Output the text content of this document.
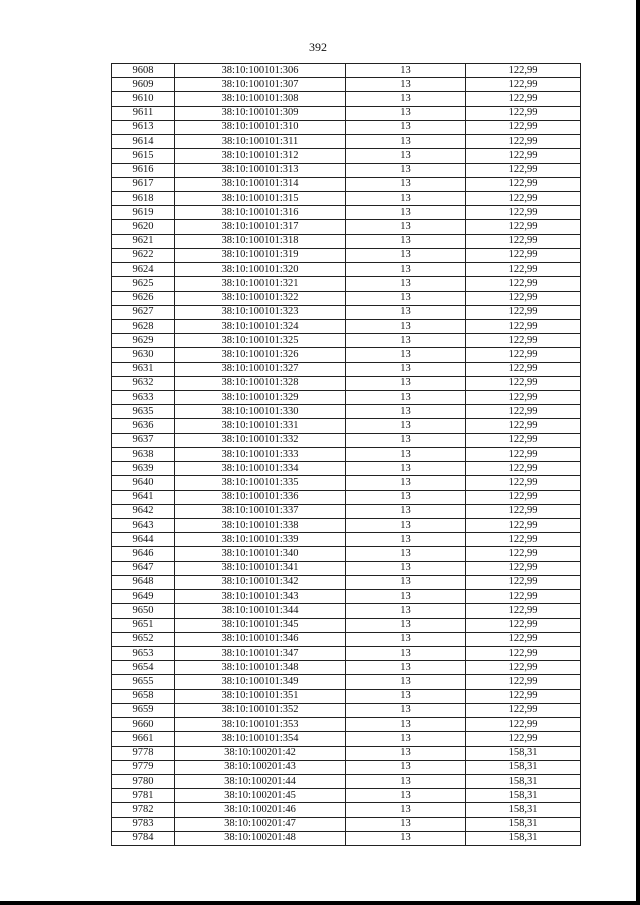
392
9608	38:10:100101:306	13	122,99
9609	38:10:100101:307	13	122,99
9610	38:10:100101:308	13	122,99
9611	38:10:100101:309	13	122,99
9613	38:10:100101:310	13	122,99
9614	38:10:100101:311	13	122,99
9615	38:10:100101:312	13	122,99
9616	38:10:100101:313	13	122,99
9617	38:10:100101:314	13	122,99
9618	38:10:100101:315	13	122,99
9619	38:10:100101:316	13	122,99
9620	38:10:100101:317	13	122,99
9621	38:10:100101:318	13	122,99
9622	38:10:100101:319	13	122,99
9624	38:10:100101:320	13	122,99
9625	38:10:100101:321	13	122,99
9626	38:10:100101:322	13	122,99
9627	38:10:100101:323	13	122,99
9628	38:10:100101:324	13	122,99
9629	38:10:100101:325	13	122,99
9630	38:10:100101:326	13	122,99
9631	38:10:100101:327	13	122,99
9632	38:10:100101:328	13	122,99
9633	38:10:100101:329	13	122,99
9635	38:10:100101:330	13	122,99
9636	38:10:100101:331	13	122,99
9637	38:10:100101:332	13	122,99
9638	38:10:100101:333	13	122,99
9639	38:10:100101:334	13	122,99
9640	38:10:100101:335	13	122,99
9641	38:10:100101:336	13	122,99
9642	38:10:100101:337	13	122,99
9643	38:10:100101:338	13	122,99
9644	38:10:100101:339	13	122,99
9646	38:10:100101:340	13	122,99
9647	38:10:100101:341	13	122,99
9648	38:10:100101:342	13	122,99
9649	38:10:100101:343	13	122,99
9650	38:10:100101:344	13	122,99
9651	38:10:100101:345	13	122,99
9652	38:10:100101:346	13	122,99
9653	38:10:100101:347	13	122,99
9654	38:10:100101:348	13	122,99
9655	38:10:100101:349	13	122,99
9658	38:10:100101:351	13	122,99
9659	38:10:100101:352	13	122,99
9660	38:10:100101:353	13	122,99
9661	38:10:100101:354	13	122,99
9778	38:10:100201:42	13	158,31
9779	38:10:100201:43	13	158,31
9780	38:10:100201:44	13	158,31
9781	38:10:100201:45	13	158,31
9782	38:10:100201:46	13	158,31
9783	38:10:100201:47	13	158,31
9784	38:10:100201:48	13	158,31
